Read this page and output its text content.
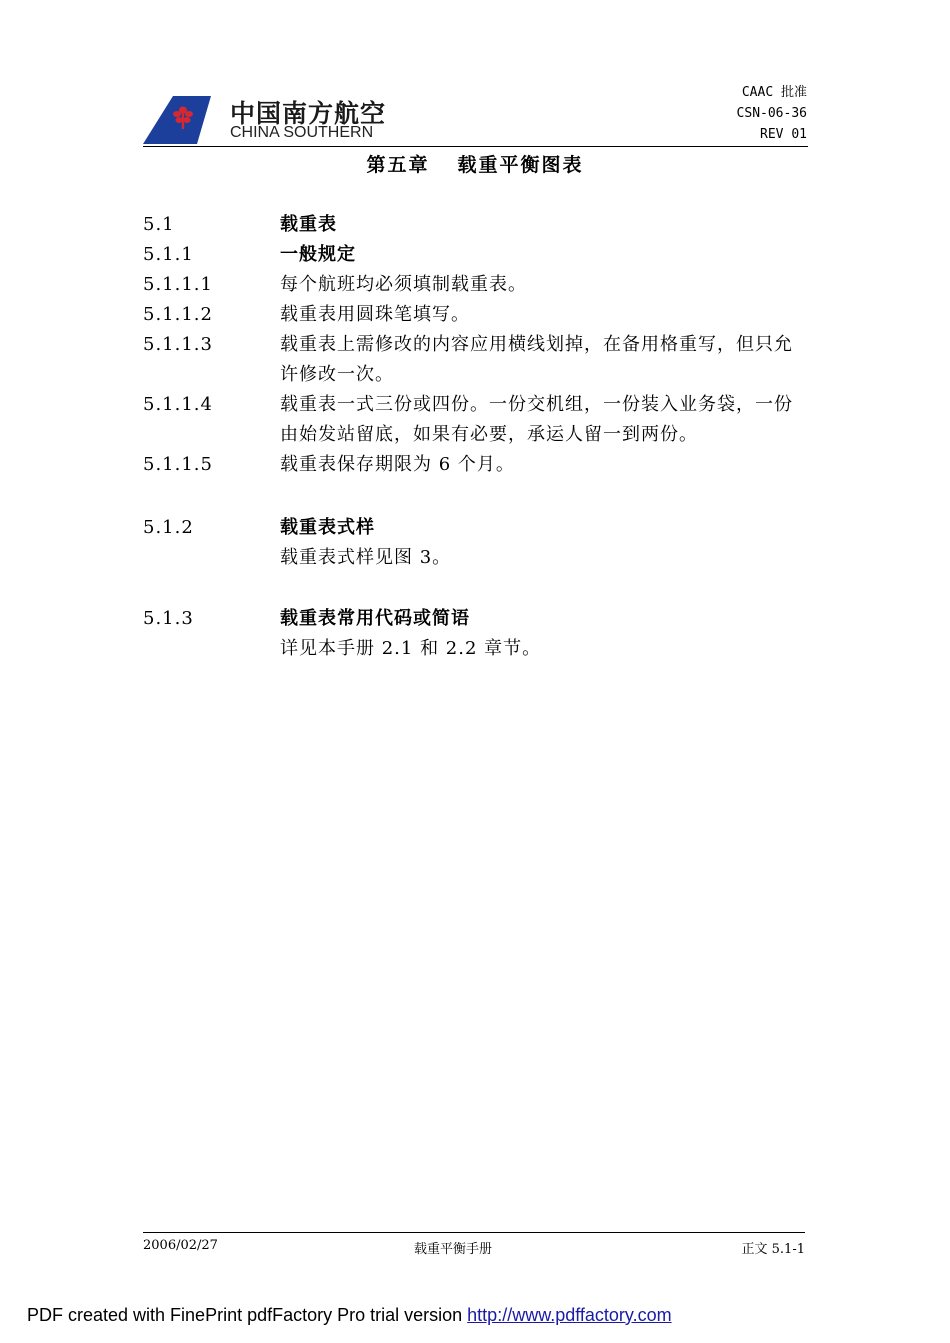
中国南方航空
CHINA SOUTHERN
CAAC 批准
CSN-06-36
REV 01
第五章 载重平衡图表
5.1	载重表
5.1.1	一般规定
5.1.1.1	每个航班均必须填制载重表。
5.1.1.2	载重表用圆珠笔填写。
5.1.1.3	载重表上需修改的内容应用横线划掉，在备用格重写，但只允许修改一次。
5.1.1.4	载重表一式三份或四份。一份交机组，一份装入业务袋，一份由始发站留底，如果有必要，承运人留一到两份。
5.1.1.5	载重表保存期限为 6 个月。
5.1.2	载重表式样
载重表式样见图 3。
5.1.3	载重表常用代码或简语
详见本手册 2.1 和 2.2 章节。
2006/02/27	载重平衡手册	正文 5.1-1
PDF created with FinePrint pdfFactory Pro trial version http://www.pdffactory.com
